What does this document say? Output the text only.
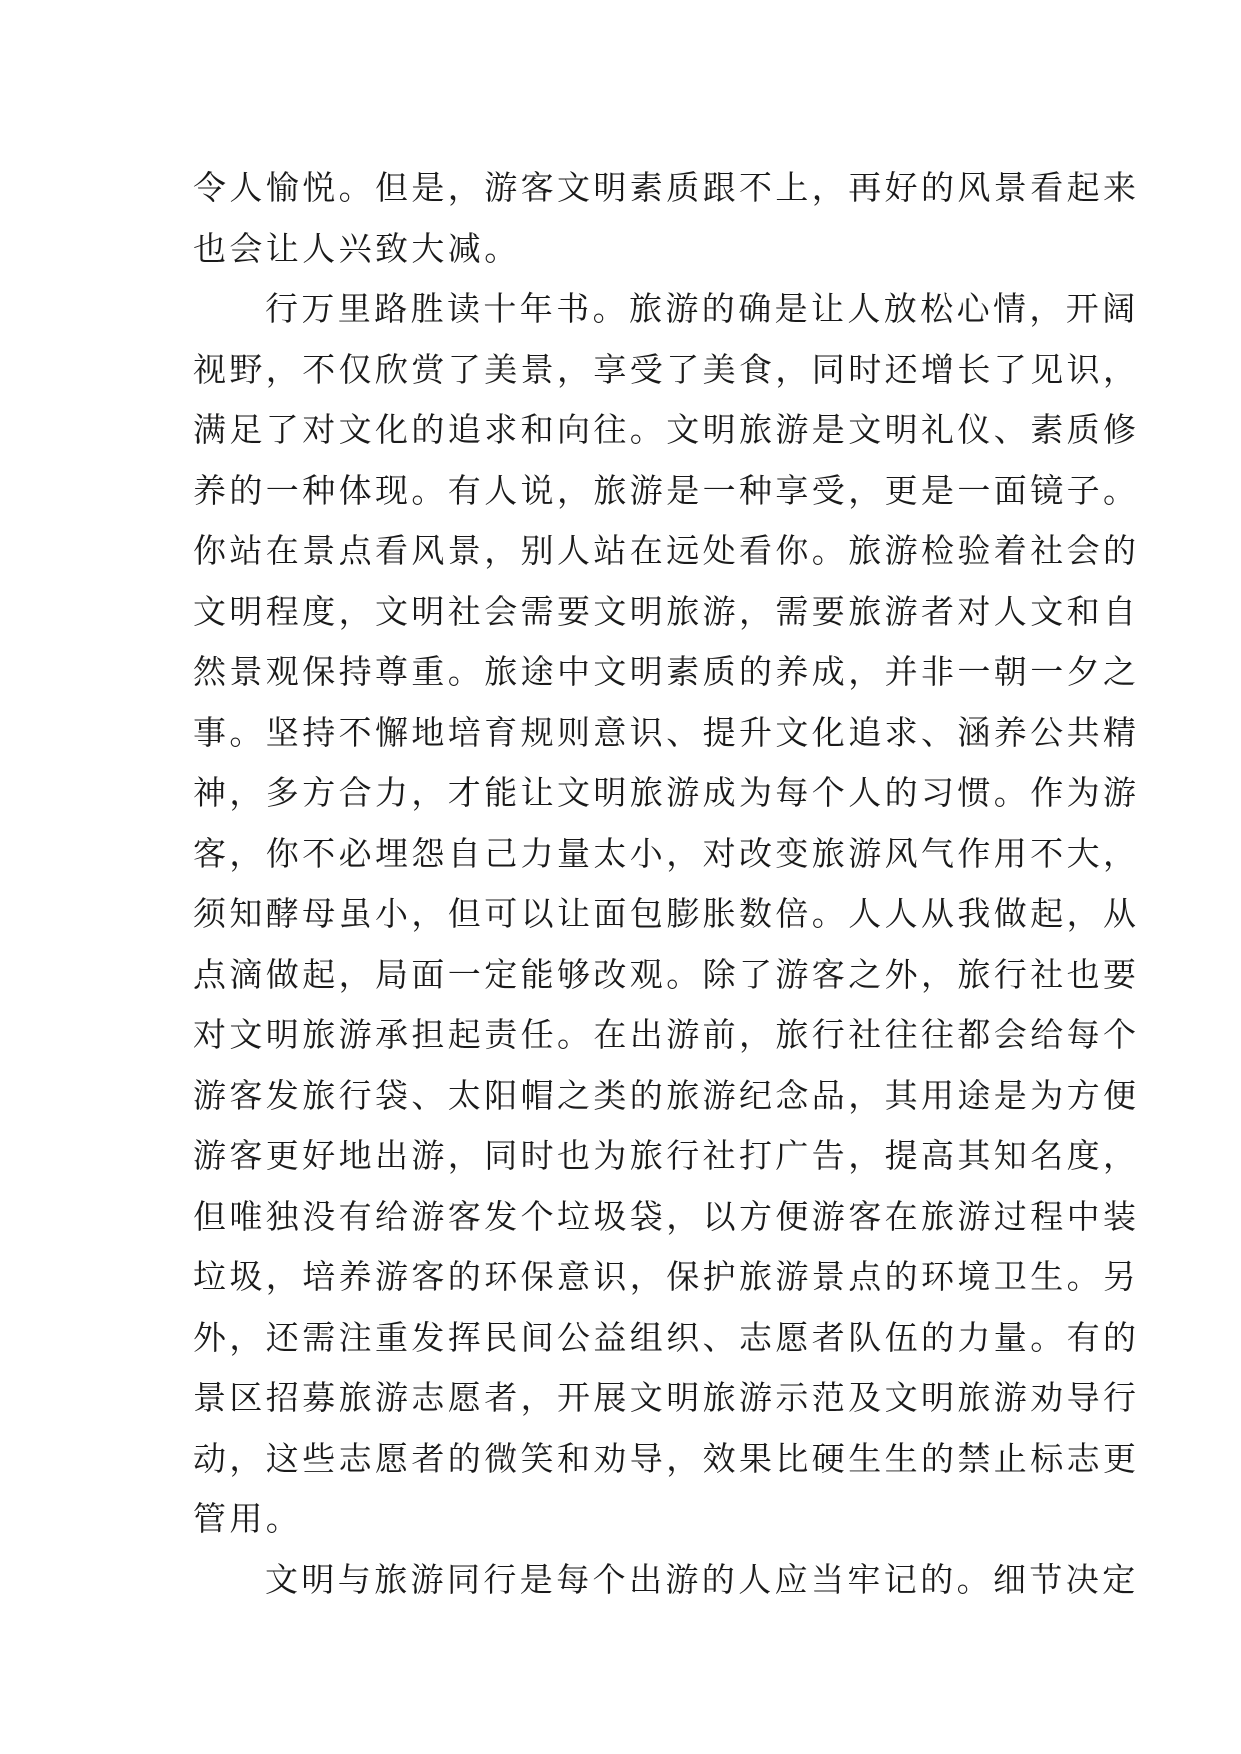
令人愉悦。但是，游客文明素质跟不上，再好的风景看起来
也会让人兴致大减。
行万里路胜读十年书。旅游的确是让人放松心情，开阔
视野，不仅欣赏了美景，享受了美食，同时还增长了见识，
满足了对文化的追求和向往。文明旅游是文明礼仪、素质修
养的一种体现。有人说，旅游是一种享受，更是一面镜子。
你站在景点看风景，别人站在远处看你。旅游检验着社会的
文明程度，文明社会需要文明旅游，需要旅游者对人文和自
然景观保持尊重。旅途中文明素质的养成，并非一朝一夕之
事。坚持不懈地培育规则意识、提升文化追求、涵养公共精
神，多方合力，才能让文明旅游成为每个人的习惯。作为游
客，你不必埋怨自己力量太小，对改变旅游风气作用不大，
须知酵母虽小，但可以让面包膨胀数倍。人人从我做起，从
点滴做起，局面一定能够改观。除了游客之外，旅行社也要
对文明旅游承担起责任。在出游前，旅行社往往都会给每个
游客发旅行袋、太阳帽之类的旅游纪念品，其用途是为方便
游客更好地出游，同时也为旅行社打广告，提高其知名度，
但唯独没有给游客发个垃圾袋，以方便游客在旅游过程中装
垃圾，培养游客的环保意识，保护旅游景点的环境卫生。另
外，还需注重发挥民间公益组织、志愿者队伍的力量。有的
景区招募旅游志愿者，开展文明旅游示范及文明旅游劝导行
动，这些志愿者的微笑和劝导，效果比硬生生的禁止标志更
管用。
文明与旅游同行是每个出游的人应当牢记的。细节决定
